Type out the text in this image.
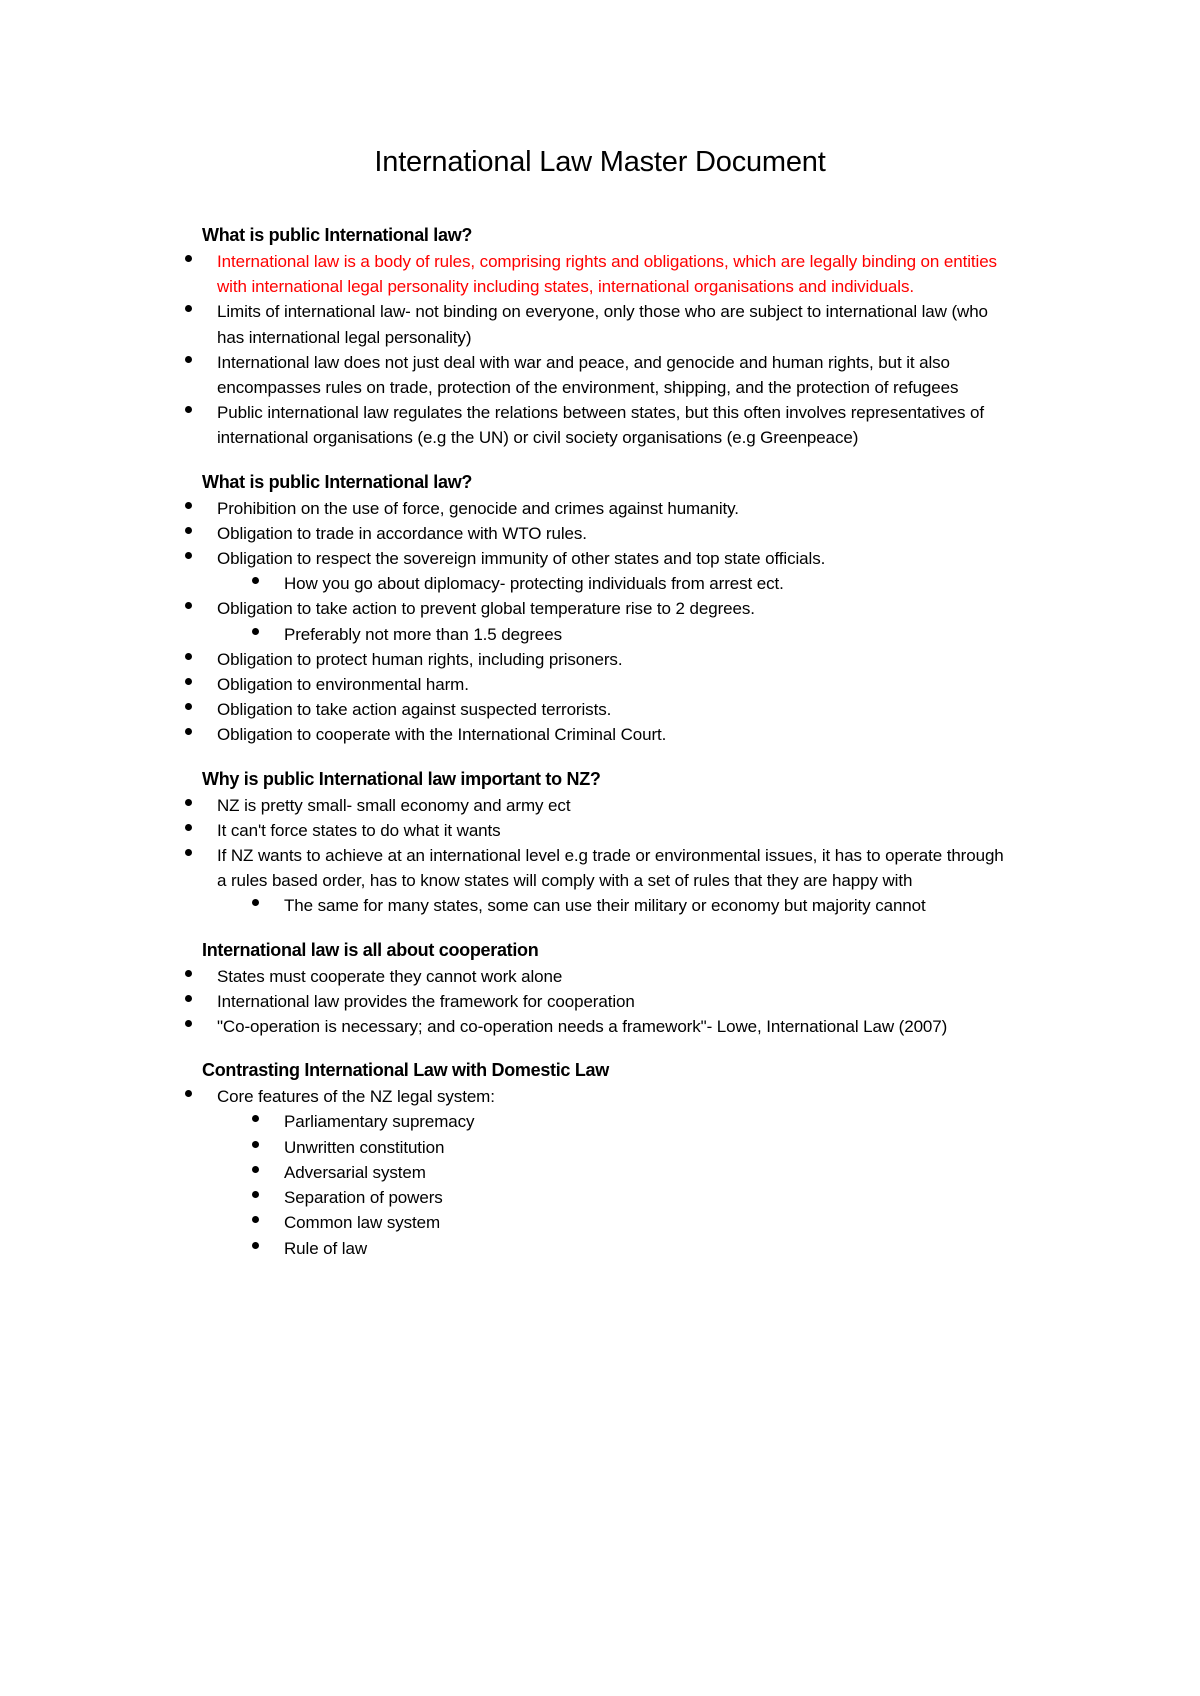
International Law Master Document
What is public International law?
International law is a body of rules, comprising rights and obligations, which are legally binding on entities with international legal personality including states, international organisations and individuals.
Limits of international law- not binding on everyone, only those who are subject to international law (who has international legal personality)
International law does not just deal with war and peace, and genocide and human rights, but it also encompasses rules on trade, protection of the environment, shipping, and the protection of refugees
Public international law regulates the relations between states, but this often involves representatives of international organisations (e.g the UN) or civil society organisations (e.g Greenpeace)
What is public International law?
Prohibition on the use of force, genocide and crimes against humanity.
Obligation to trade in accordance with WTO rules.
Obligation to respect the sovereign immunity of other states and top state officials.
How you go about diplomacy- protecting individuals from arrest ect.
Obligation to take action to prevent global temperature rise to 2 degrees.
Preferably not more than 1.5 degrees
Obligation to protect human rights, including prisoners.
Obligation to environmental harm.
Obligation to take action against suspected terrorists.
Obligation to cooperate with the International Criminal Court.
Why is public International law important to NZ?
NZ is pretty small- small economy and army ect
It can't force states to do what it wants
If NZ wants to achieve at an international level e.g trade or environmental issues, it has to operate through a rules based order, has to know states will comply with a set of rules that they are happy with
The same for many states, some can use their military or economy but majority cannot
International law is all about cooperation
States must cooperate they cannot work alone
International law provides the framework for cooperation
"Co-operation is necessary; and co-operation needs a framework"- Lowe, International Law (2007)
Contrasting International Law with Domestic Law
Core features of the NZ legal system:
Parliamentary supremacy
Unwritten constitution
Adversarial system
Separation of powers
Common law system
Rule of law
